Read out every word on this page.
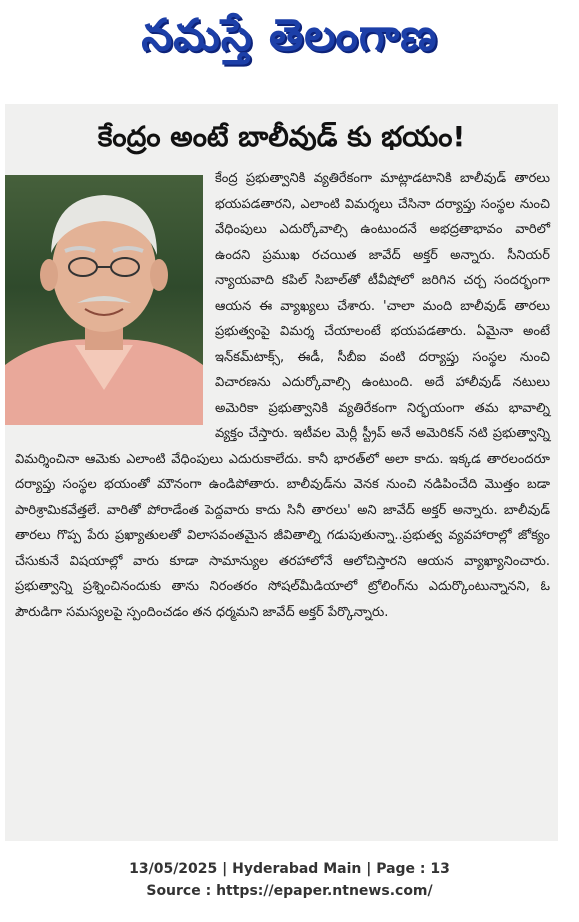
నమస్తే తెలంగాణ
కేంద్రం అంటే బాలీవుడ్ కు భయం!

కేంద్ర ప్రభుత్వానికి వ్యతిరేకంగా మాట్లాడటానికి బాలీవుడ్ తారలు భయపడతారని, ఎలాంటి విమర్శలు చేసినా దర్యాప్తు సంస్థల నుంచి వేధింపులు ఎదుర్కోవాల్సి ఉంటుందనే అభద్రతాభావం వారిలో ఉందని ప్రముఖ రచయిత జావేద్ అక్తర్ అన్నారు. సీనియర్ న్యాయవాది కపిల్ సిబాల్‌తో టీవీషోలో జరిగిన చర్చ సందర్భంగా ఆయన ఈ వ్యాఖ్యలు చేశారు. 'చాలా మంది బాలీవుడ్ తారలు ప్రభుత్వంపై విమర్శ చేయాలంటే భయపడతారు. ఏమైనా అంటే ఇన్‌కమ్‌టాక్స్, ఈడీ, సీబీఐ వంటి దర్యాప్తు సంస్థల నుంచి విచారణను ఎదుర్కోవాల్సి ఉంటుంది. అదే హాలీవుడ్ నటులు అమెరికా ప్రభుత్వానికి వ్యతిరేకంగా నిర్భయంగా తమ భావాల్ని వ్యక్తం చేస్తారు. ఇటీవల మెర్లీ స్ట్రీప్ అనే అమెరికన్ నటి ప్రభుత్వాన్ని విమర్శించినా ఆమెకు ఎలాంటి వేధింపులు ఎదురుకాలేదు. కానీ భారత్‌లో అలా కాదు. ఇక్కడ తారలందరూ దర్యాప్తు సంస్థల భయంతో మౌనంగా ఉండిపోతారు. బాలీవుడ్‌ను వెనక నుంచి నడిపించేది మొత్తం బడా పారిశ్రామికవేత్తలే. వారితో పోరాడేంత పెద్దవారు కాదు సినీ తారలు' అని జావేద్ అక్తర్ అన్నారు. బాలీవుడ్ తారలు గొప్ప పేరు ప్రఖ్యాతులతో విలాసవంతమైన జీవితాల్ని గడుపుతున్నా..ప్రభుత్వ వ్యవహారాల్లో జోక్యం చేసుకునే విషయాల్లో వారు కూడా సామాన్యుల తరహాలోనే ఆలోచిస్తారని ఆయన వ్యాఖ్యానించారు. ప్రభుత్వాన్ని ప్రశ్నించినందుకు తాను నిరంతరం సోషల్‌మీడియాలో ట్రోలింగ్‌ను ఎదుర్కొంటున్నానని, ఓ పౌరుడిగా సమస్యలపై స్పందించడం తన ధర్మమని జావేద్ అక్తర్ పేర్కొన్నారు.

13/05/2025 | Hyderabad Main | Page : 13
Source : https://epaper.ntnews.com/
